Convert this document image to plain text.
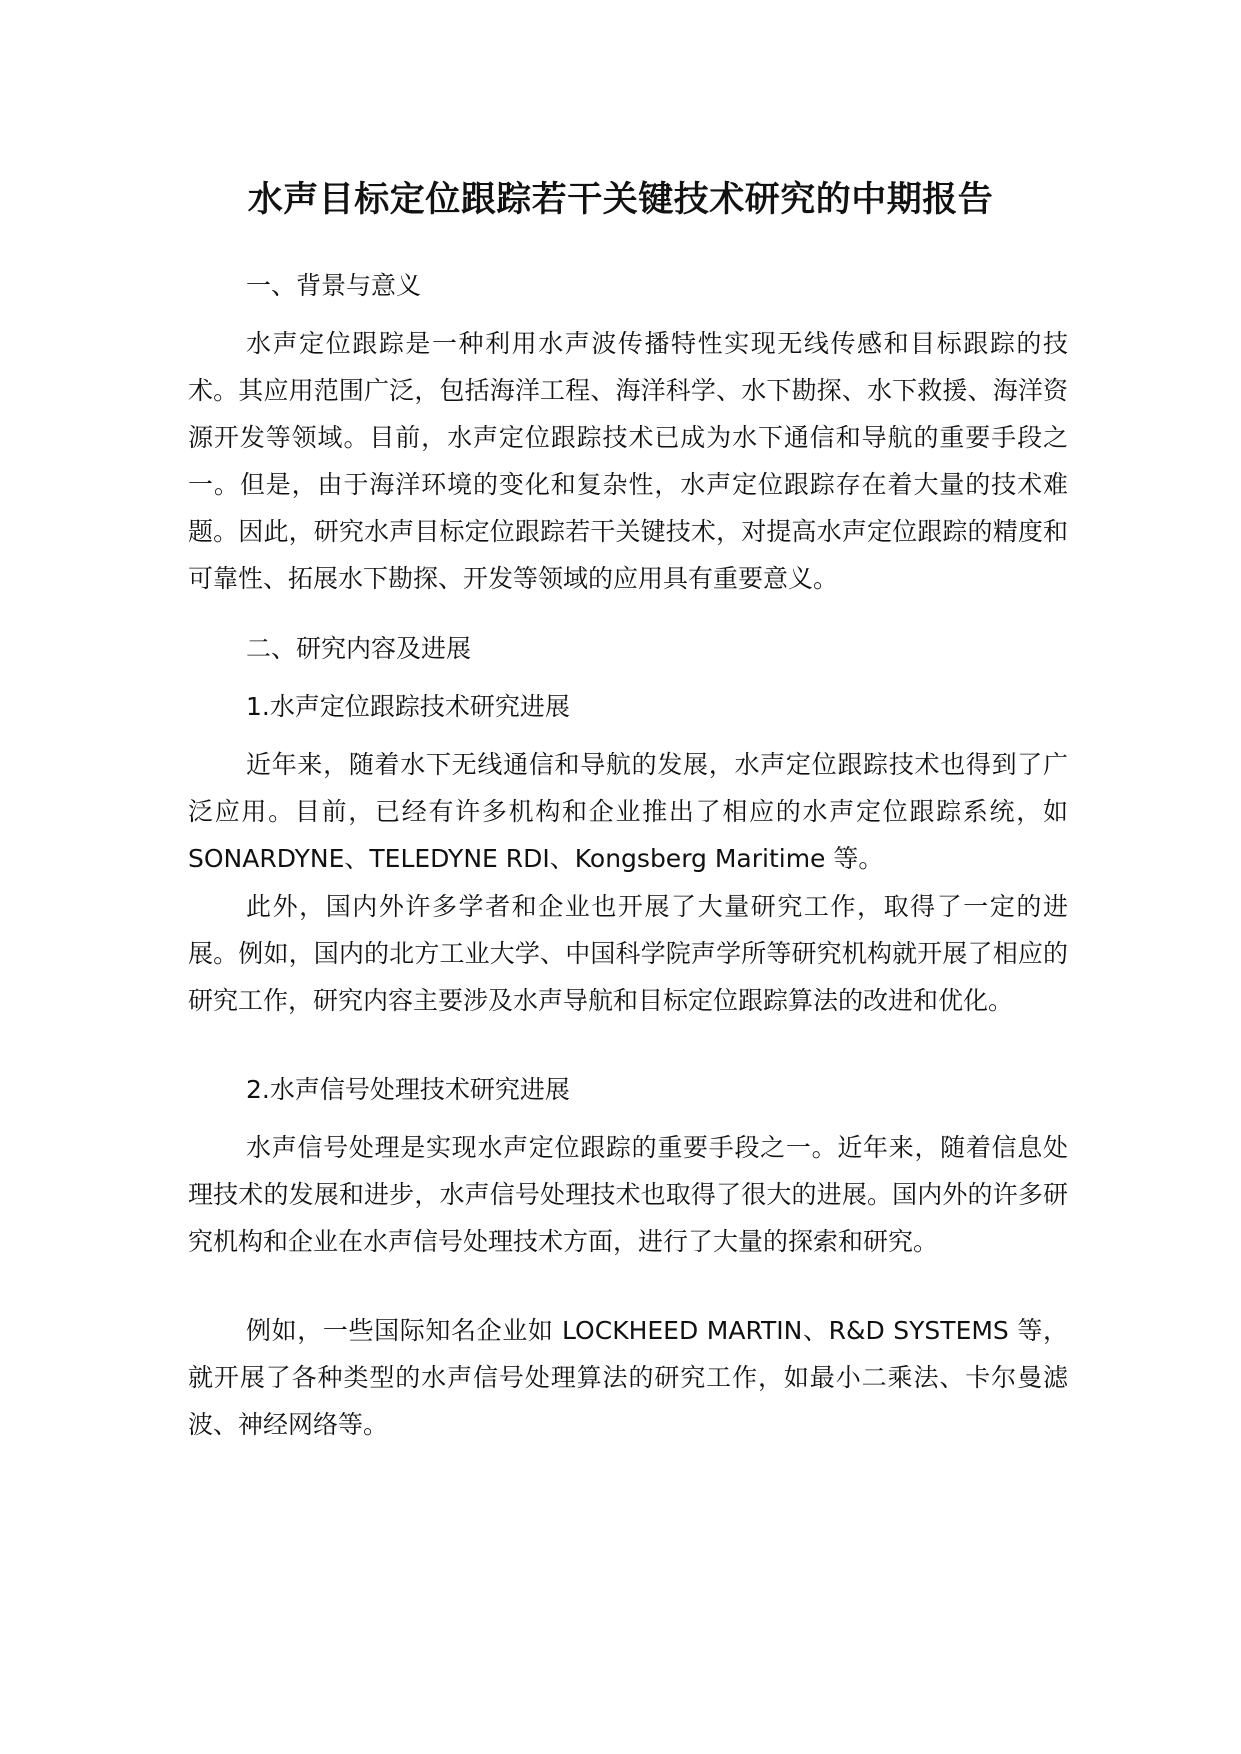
水声目标定位跟踪若干关键技术研究的中期报告

一、背景与意义

水声定位跟踪是一种利用水声波传播特性实现无线传感和目标跟踪的技术。其应用范围广泛，包括海洋工程、海洋科学、水下勘探、水下救援、海洋资源开发等领域。目前，水声定位跟踪技术已成为水下通信和导航的重要手段之一。但是，由于海洋环境的变化和复杂性，水声定位跟踪存在着大量的技术难题。因此，研究水声目标定位跟踪若干关键技术，对提高水声定位跟踪的精度和可靠性、拓展水下勘探、开发等领域的应用具有重要意义。

二、研究内容及进展

1.水声定位跟踪技术研究进展

近年来，随着水下无线通信和导航的发展，水声定位跟踪技术也得到了广泛应用。目前，已经有许多机构和企业推出了相应的水声定位跟踪系统，如 SONARDYNE、TELEDYNE RDI、Kongsberg Maritime 等。

此外，国内外许多学者和企业也开展了大量研究工作，取得了一定的进展。例如，国内的北方工业大学、中国科学院声学所等研究机构就开展了相应的研究工作，研究内容主要涉及水声导航和目标定位跟踪算法的改进和优化。

2.水声信号处理技术研究进展

水声信号处理是实现水声定位跟踪的重要手段之一。近年来，随着信息处理技术的发展和进步，水声信号处理技术也取得了很大的进展。国内外的许多研究机构和企业在水声信号处理技术方面，进行了大量的探索和研究。

例如，一些国际知名企业如 LOCKHEED MARTIN、R&D SYSTEMS 等，就开展了各种类型的水声信号处理算法的研究工作，如最小二乘法、卡尔曼滤波、神经网络等。
